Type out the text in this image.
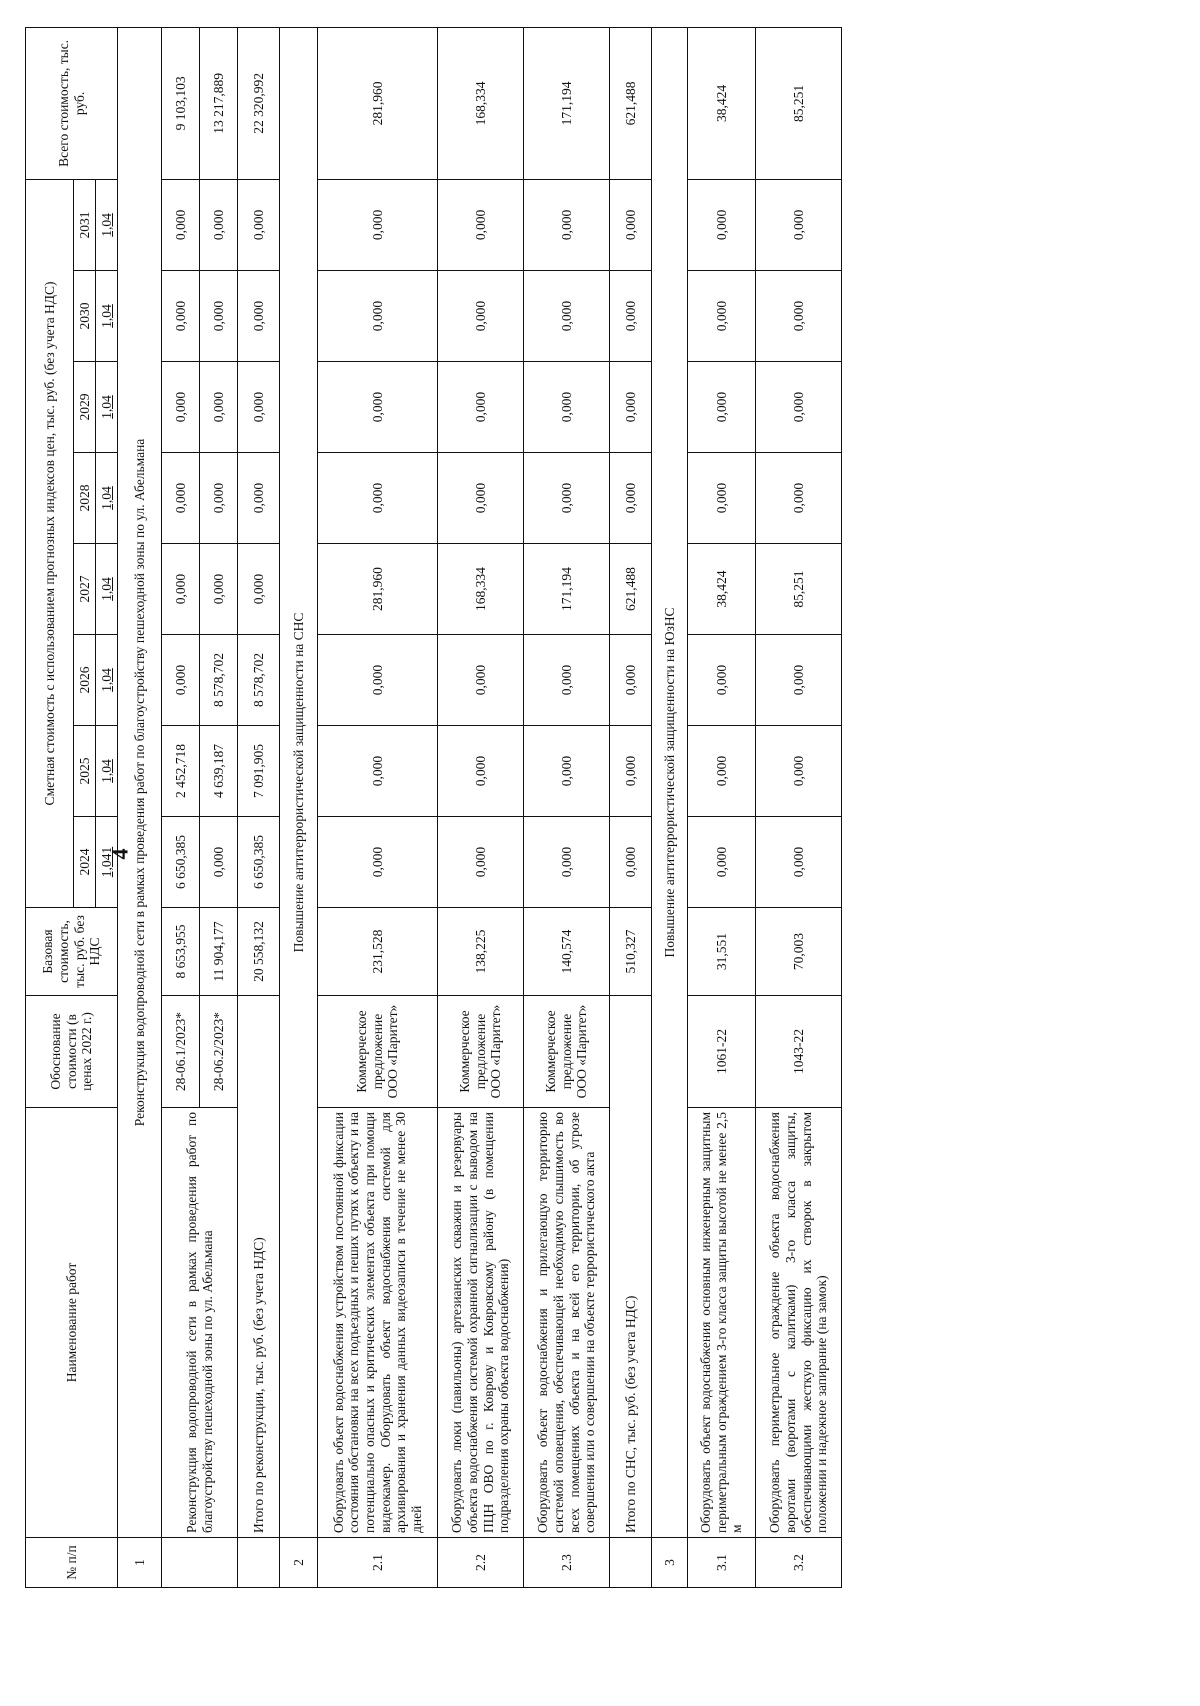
4
№ п/п	Наименование работ	Обоснование стоимости (в ценах 2022 г.)	Базовая стоимость, тыс. руб. без НДС	Сметная стоимость с использованием прогнозных индексов цен, тыс. руб. (без учета НДС)								Всего стоимость, тыс. руб.
				2024	2025	2026	2027	2028	2029	2030	2031	
				1,041	1,04	1,04	1,04	1,04	1,04	1,04	1,04	
1	Реконструкция водопроводной сети в рамках проведения работ по благоустройству пешеходной зоны по ул. Абельмана											
	Реконструкция водопроводной сети в рамках проведения работ по благоустройству пешеходной зоны по ул. Абельмана	28-06.1/2023*	8 653,955	6 650,385	2 452,718	0,000	0,000	0,000	0,000	0,000	0,000	9 103,103
		28-06.2/2023*	11 904,177	0,000	4 639,187	8 578,702	0,000	0,000	0,000	0,000	0,000	13 217,889
	Итого по реконструкции, тыс. руб. (без учета НДС)		20 558,132	6 650,385	7 091,905	8 578,702	0,000	0,000	0,000	0,000	0,000	22 320,992
2	Повышение антитеррористической защищенности на СНС											
2.1	Оборудовать объект водоснабжения устройством постоянной фиксации состояния обстановки на всех подъездных и пеших путях к объекту и на потенциально опасных и критических элементах объекта при помощи видеокамер. Оборудовать объект водоснабжения системой для архивирования и хранения данных видеозаписи в течение не менее 30 дней	Коммерческое предложение ООО «Паритет»	231,528	0,000	0,000	0,000	281,960	0,000	0,000	0,000	0,000	281,960
2.2	Оборудовать люки (павильоны) артезианских скважин и резервуары объекта водоснабжения системой охранной сигнализации с выводом на ПЦН ОВО по г. Коврову и Ковровскому району (в помещении подразделения охраны объекта водоснабжения)	Коммерческое предложение ООО «Паритет»	138,225	0,000	0,000	0,000	168,334	0,000	0,000	0,000	0,000	168,334
2.3	Оборудовать объект водоснабжения и прилегающую территорию системой оповещения, обеспечивающей необходимую слышимость во всех помещениях объекта и на всей его территории, об угрозе совершения или о совершении на объекте террористического акта	Коммерческое предложение ООО «Паритет»	140,574	0,000	0,000	0,000	171,194	0,000	0,000	0,000	0,000	171,194
	Итого по СНС, тыс. руб. (без учета НДС)		510,327	0,000	0,000	0,000	621,488	0,000	0,000	0,000	0,000	621,488
3	Повышение антитеррористической защищенности на ЮзНС											
3.1	Оборудовать объект водоснабжения основным инженерным защитным периметральным ограждением 3-го класса защиты высотой не менее 2,5 м	1061-22	31,551	0,000	0,000	0,000	38,424	0,000	0,000	0,000	0,000	38,424
3.2	Оборудовать периметральное ограждение объекта водоснабжения воротами (воротами с калитками) 3-го класса защиты, обеспечивающими жесткую фиксацию их створок в закрытом положении и надежное запирание (на замок)	1043-22	70,003	0,000	0,000	0,000	85,251	0,000	0,000	0,000	0,000	85,251
